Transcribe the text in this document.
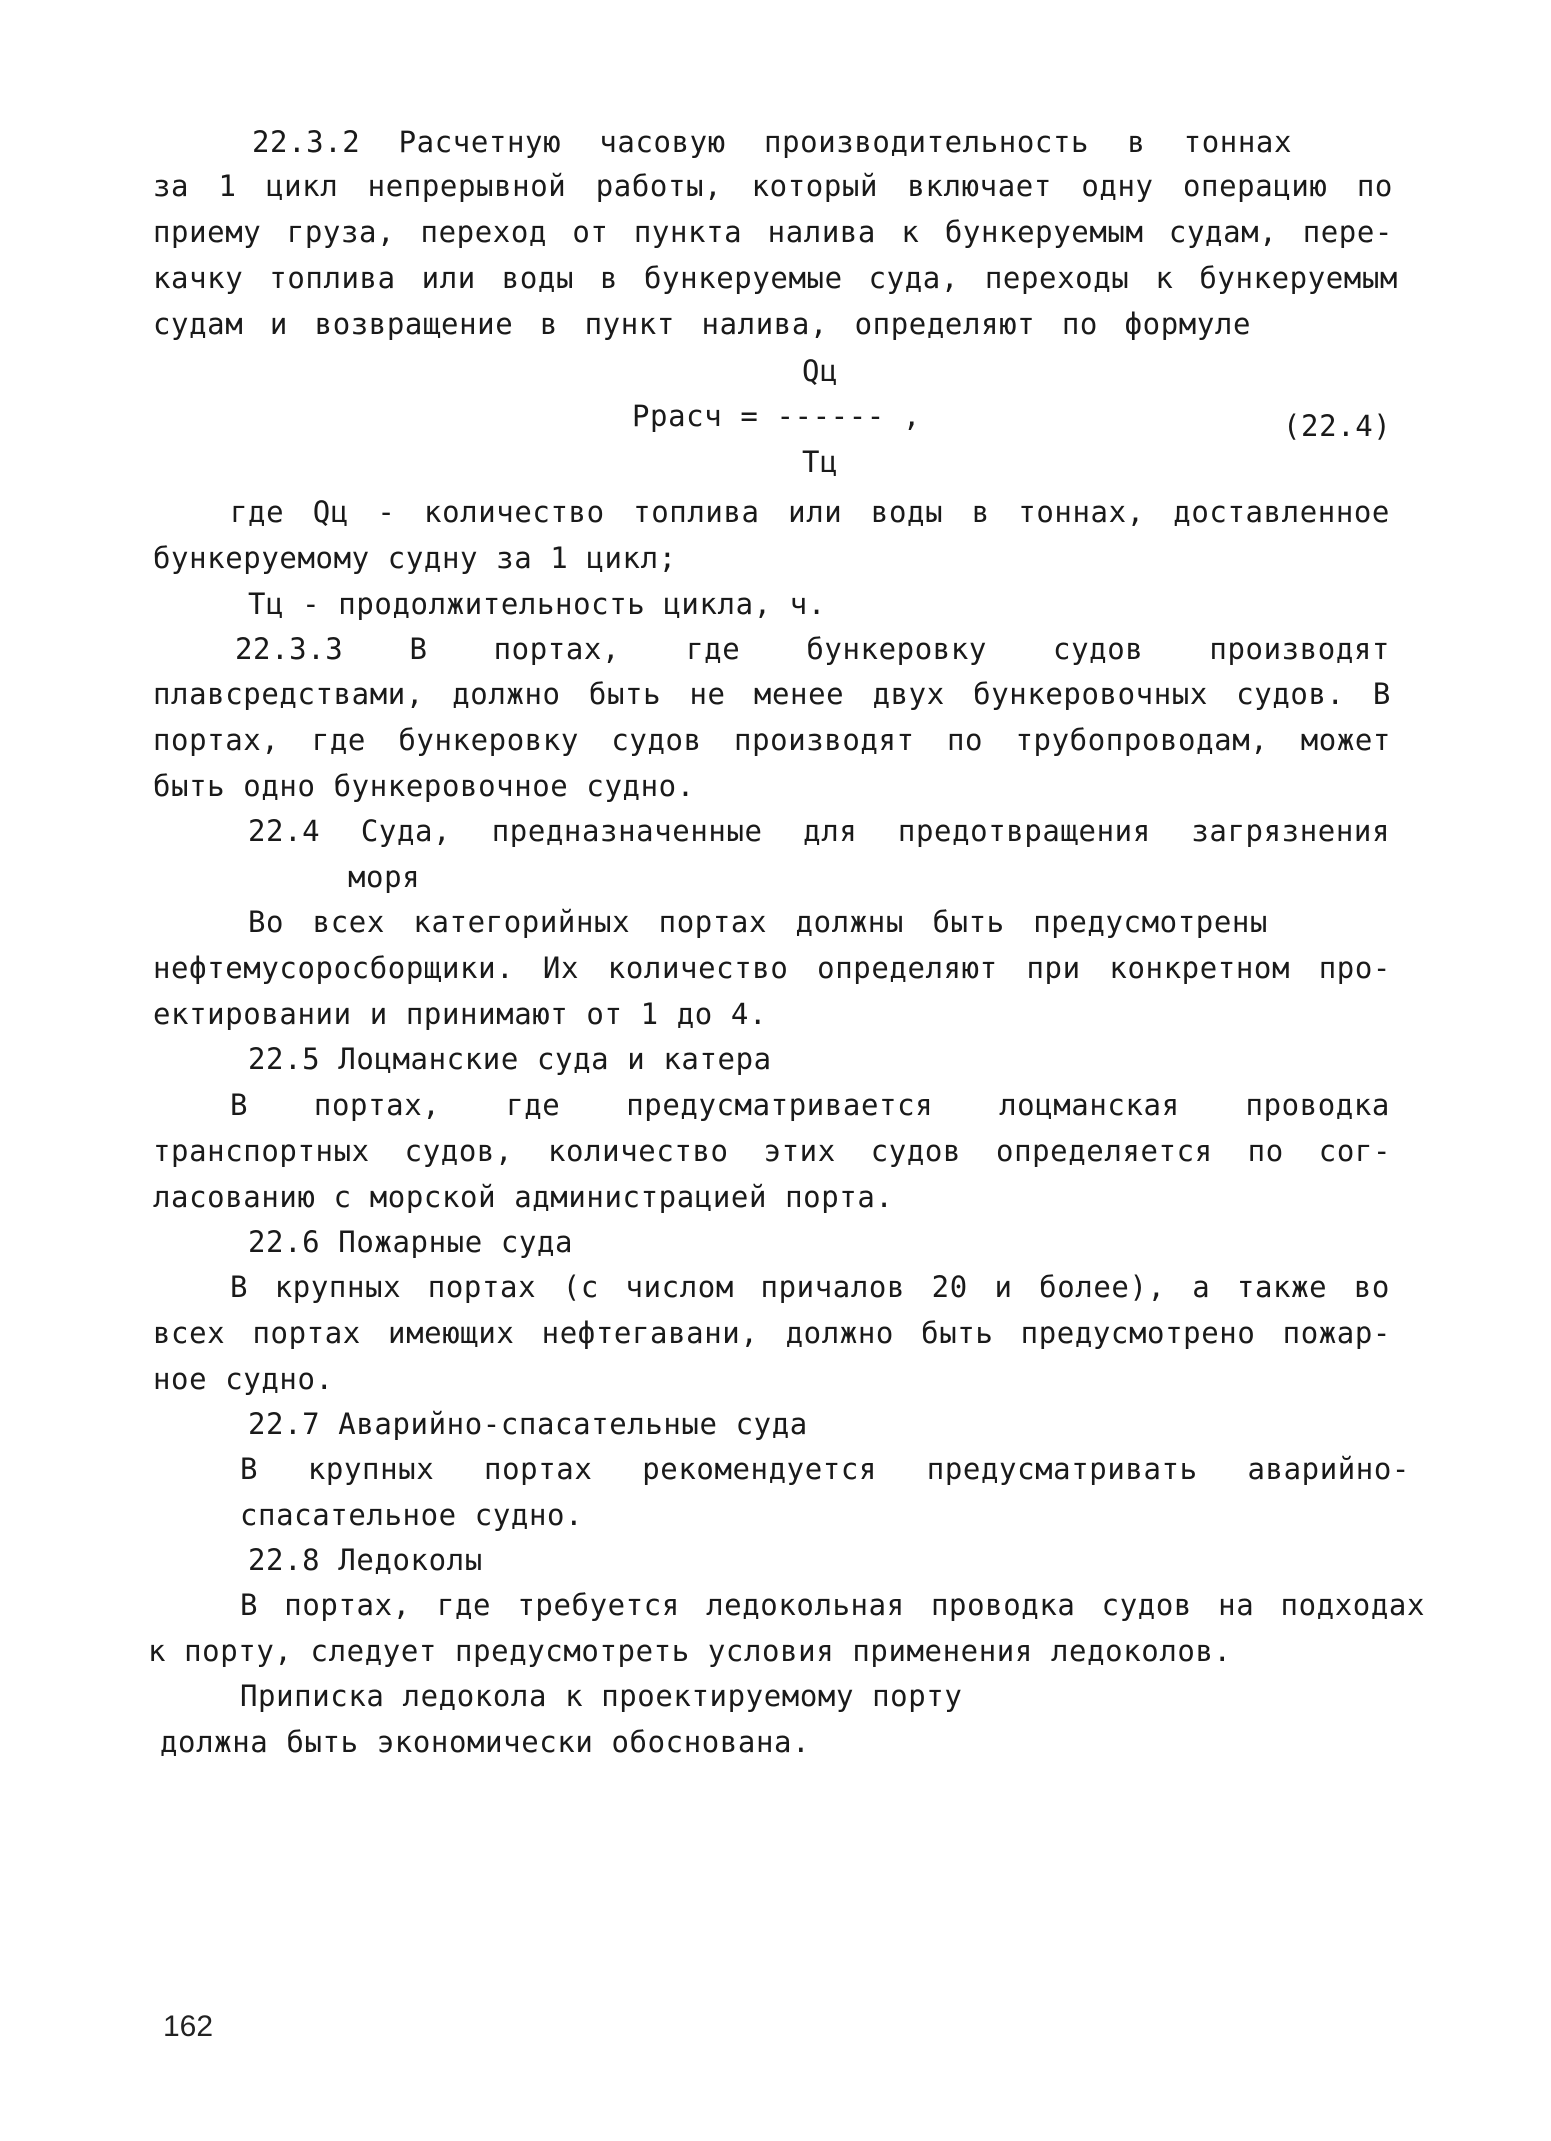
22.3.2 Расчетную часовую производительность в тоннах
за 1 цикл непрерывной работы, который включает одну операцию по
приему груза, переход от пункта налива к бункеруемым судам, пере-
качку топлива или воды в бункеруемые суда, переходы к бункеруемым
судам и возвращение в пункт налива, определяют по формуле
Qц
Ррасч = ------ ,	(22.4)
Тц
где Qц - количество топлива или воды в тоннах, доставленное
бункеруемому судну за 1 цикл;
Тц - продолжительность цикла, ч.
22.3.3 В портах, где бункеровку судов производят
плавсредствами, должно быть не менее двух бункеровочных судов. В
портах, где бункеровку судов производят по трубопроводам, может
быть одно бункеровочное судно.
22.4 Суда, предназначенные для предотвращения загрязнения
моря
Во всех категорийных портах должны быть предусмотрены
нефтемусоросборщики. Их количество определяют при конкретном про-
ектировании и принимают от 1 до 4.
22.5 Лоцманские суда и катера
В портах, где предусматривается лоцманская проводка
транспортных судов, количество этих судов определяется по сог-
ласованию с морской администрацией порта.
22.6 Пожарные суда
В крупных портах (с числом причалов 20 и более), а также во
всех портах имеющих нефтегавани, должно быть предусмотрено пожар-
ное судно.
22.7 Аварийно-спасательные суда
В крупных портах рекомендуется предусматривать аварийно-
спасательное судно.
22.8 Ледоколы
В портах, где требуется ледокольная проводка судов на подходах
к порту, следует предусмотреть условия применения ледоколов.
Приписка ледокола к проектируемому порту
должна быть экономически обоснована.
162
